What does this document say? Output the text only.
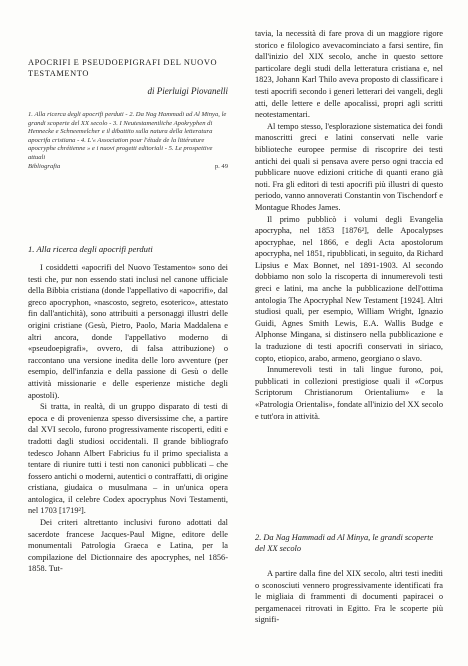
APOCRIFI E PSEUDOEPIGRAFI DEL NUOVO TESTAMENTO
di Pierluigi Piovanelli
1. Alla ricerca degli apocrifi perduti - 2. Da Nag Hammadi ad Al Minya, le grandi scoperte del XX secolo - 3. I Neutestamentliche Apokryphen di Hennecke e Schneemelcher e il dibattito sulla natura della letteratura apocrifa cristiana - 4. L'« Association pour l'étude de la littérature apocryphe chrétienne » e i nuovi progetti editoriali - 5. Le prospettive attuali
Bibliografia	p. 49
1. Alla ricerca degli apocrifi perduti

I cosiddetti «apocrifi del Nuovo Testamento» sono dei testi che, pur non essendo stati inclusi nel canone ufficiale della Bibbia cristiana (donde l'appellativo di «apocrifi», dal greco apocryphon, «nascosto, segreto, esoterico», attestato fin dall'antichità), sono attribuiti a personaggi illustri delle origini cristiane (Gesù, Pietro, Paolo, Maria Maddalena e altri ancora, donde l'appellativo moderno di «pseudoepigrafi», ovvero, di falsa attribuzione) o raccontano una versione inedita delle loro avventure (per esempio, dell'infanzia e della passione di Gesù o delle attività missionarie e delle esperienze mistiche degli apostoli).

Si tratta, in realtà, di un gruppo disparato di testi di epoca e di provenienza spesso diversissime che, a partire dal XVI secolo, furono progressivamente riscoperti, editi e tradotti dagli studiosi occidentali. Il grande bibliografo tedesco Johann Albert Fabricius fu il primo specialista a tentare di riunire tutti i testi non canonici pubblicati – che fossero antichi o moderni, autentici o contraffatti, di origine cristiana, giudaica o musulmana – in un'unica opera antologica, il celebre Codex apocryphus Novi Testamenti, nel 1703 [1719²].

Dei criteri altrettanto inclusivi furono adottati dal sacerdote francese Jacques-Paul Migne, editore delle monumentali Patrologia Graeca e Latina, per la compilazione del Dictionnaire des apocryphes, nel 1856-1858. Tut-

tavia, la necessità di fare prova di un maggiore rigore storico e filologico avevacominciato a farsi sentire, fin dall'inizio del XIX secolo, anche in questo settore particolare degli studi della letteratura cristiana e, nel 1823, Johann Karl Thilo aveva proposto di classificare i testi apocrifi secondo i generi letterari dei vangeli, degli atti, delle lettere e delle apocalissi, propri agli scritti neotestamentari.

Al tempo stesso, l'esplorazione sistematica dei fondi manoscritti greci e latini conservati nelle varie biblioteche europee permise di riscoprire dei testi antichi dei quali si pensava avere perso ogni traccia ed pubblicare nuove edizioni critiche di quanti erano già noti. Fra gli editori di testi apocrifi più illustri di questo periodo, vanno annoverati Constantin von Tischendorf e Montague Rhodes James.

Il primo pubblicò i volumi degli Evangelia apocrypha, nel 1853 [1876²], delle Apocalypses apocryphae, nel 1866, e degli Acta apostolorum apocrypha, nel 1851, ripubblicati, in seguito, da Richard Lipsius e Max Bonnet, nel 1891-1903. Al secondo dobbiamo non solo la riscoperta di innumerevoli testi greci e latini, ma anche la pubblicazione dell'ottima antologia The Apocryphal New Testament [1924]. Altri studiosi quali, per esempio, William Wright, Ignazio Guidi, Agnes Smith Lewis, E.A. Wallis Budge e Alphonse Mingana, si distinsero nella pubblicazione e la traduzione di testi apocrifi conservati in siriaco, copto, etiopico, arabo, armeno, georgiano o slavo.

Innumerevoli testi in tali lingue furono, poi, pubblicati in collezioni prestigiose quali il «Corpus Scriptorum Christianorum Orientalium» e la «Patrologia Orientalis», fondate all'inizio del XX secolo e tutt'ora in attività.

2. Da Nag Hammadi ad Al Minya, le grandi scoperte del XX secolo

A partire dalla fine del XIX secolo, altri testi inediti o sconosciuti vennero progressivamente identificati fra le migliaia di frammenti di documenti papiracei o pergamenacei ritrovati in Egitto. Fra le scoperte più signifi-
